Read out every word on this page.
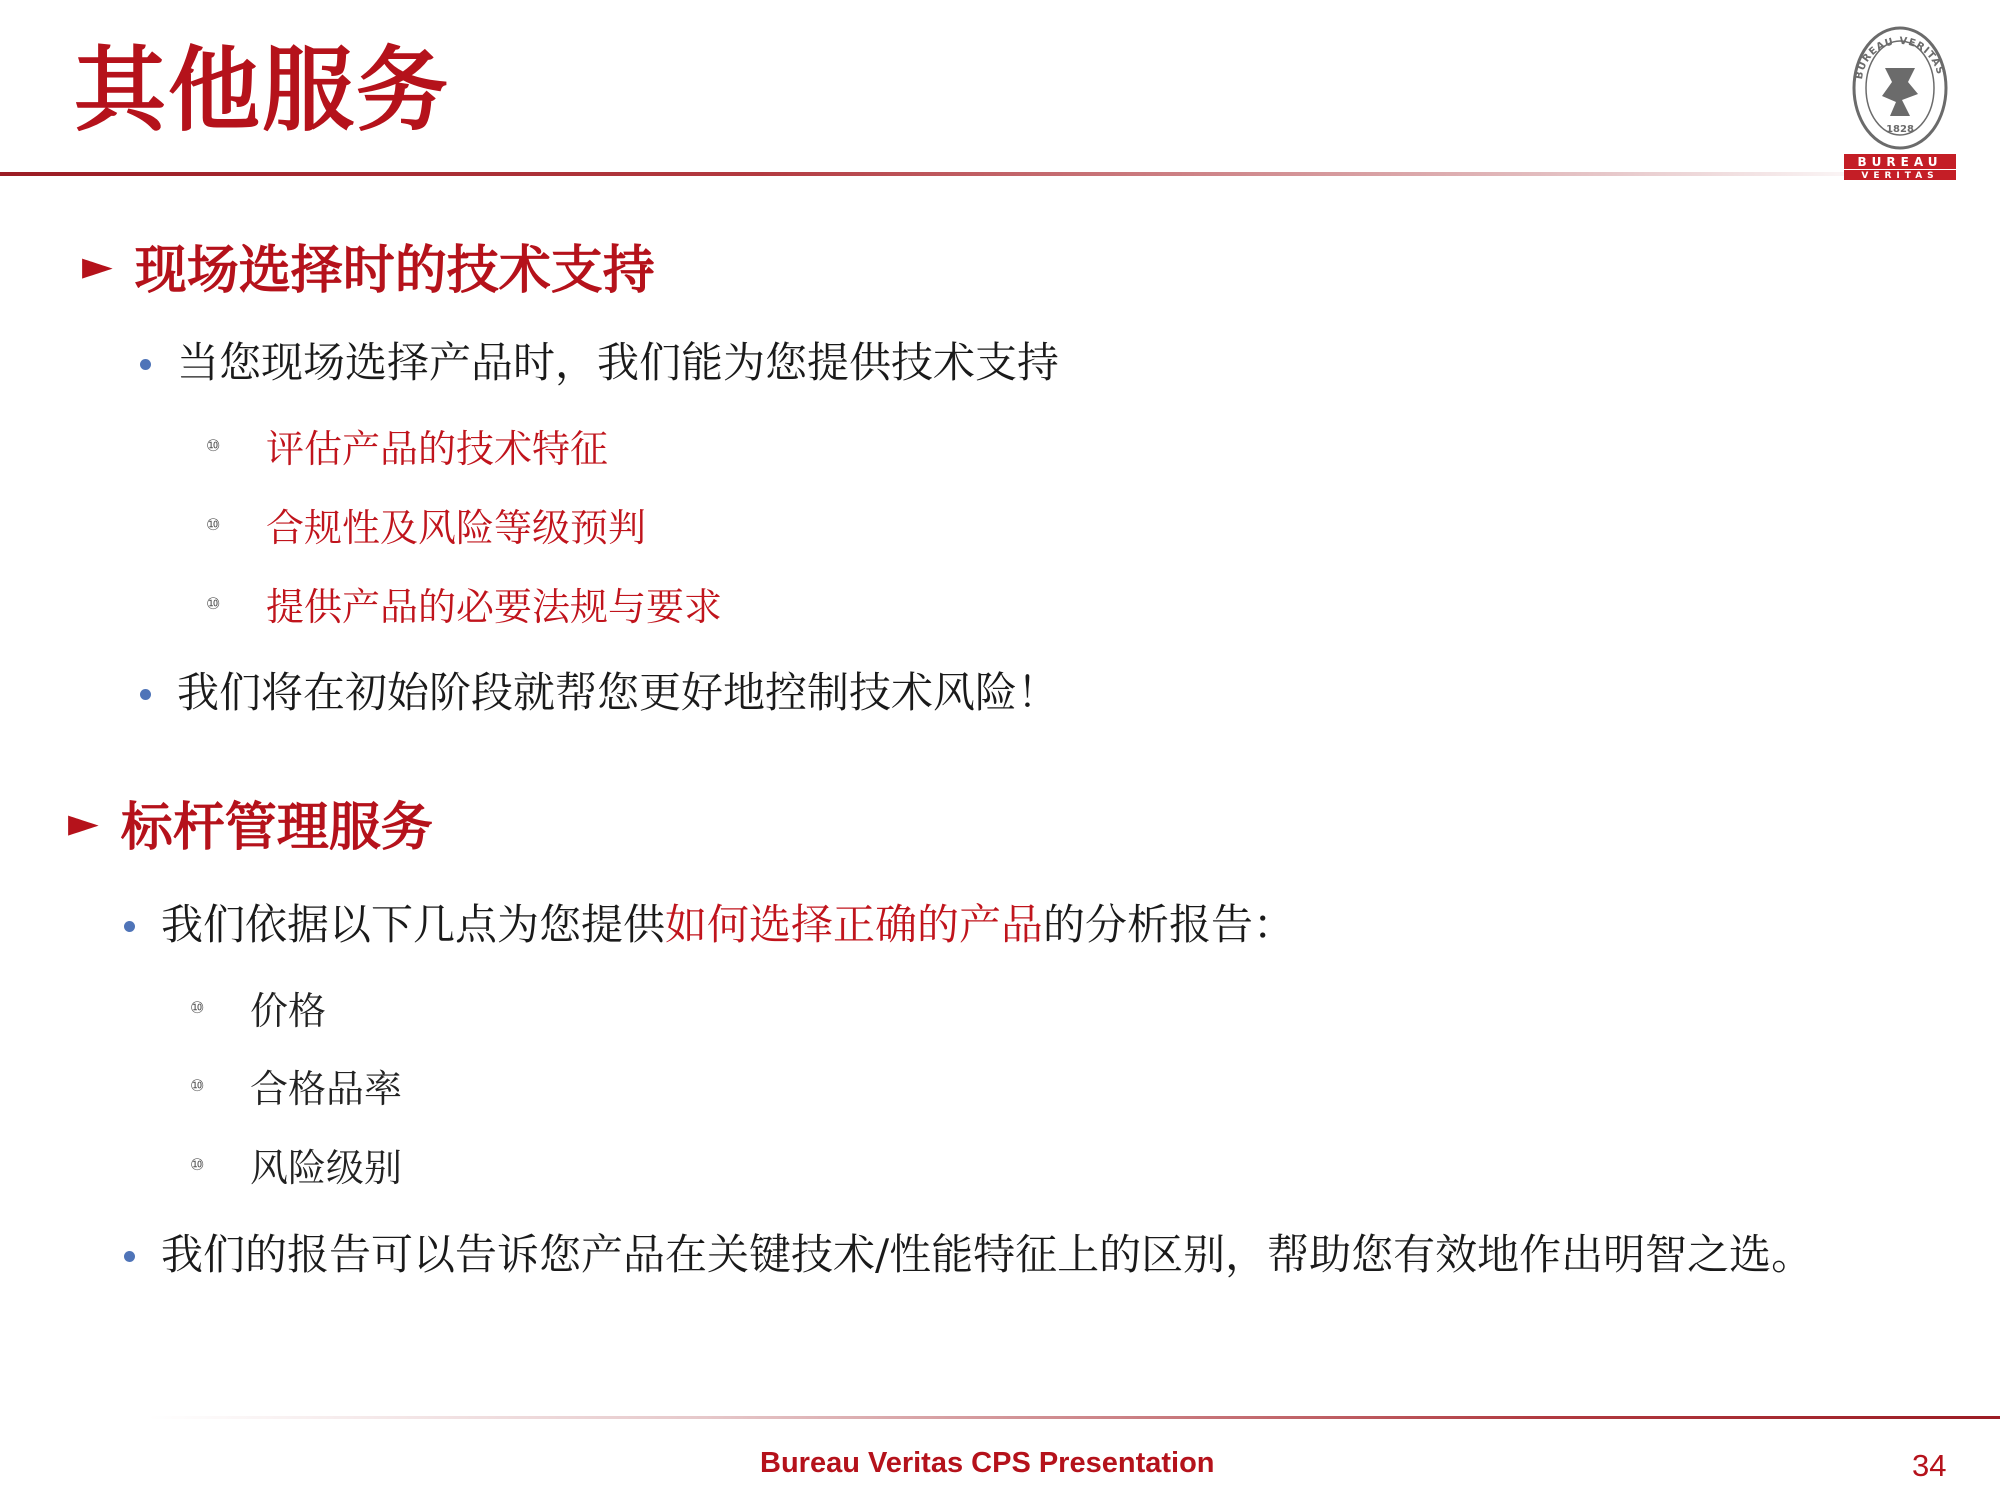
其他服务	BUREAU VERITAS
1828
BUREAU
VERITAS
► 现场选择时的技术支持
当您现场选择产品时，我们能为您提供技术支持
⑩	评估产品的技术特征
⑩	合规性及风险等级预判
⑩	提供产品的必要法规与要求
我们将在初始阶段就帮您更好地控制技术风险！
► 标杆管理服务
我们依据以下几点为您提供 如何选择正确的产品 的分析报告：
⑩	价格
⑩	合格品率
⑩	风险级别
我们的报告可以告诉您产品在关键技术/性能特征上的区别，帮助您有效地作出明智之选。
Bureau Veritas CPS Presentation	34
